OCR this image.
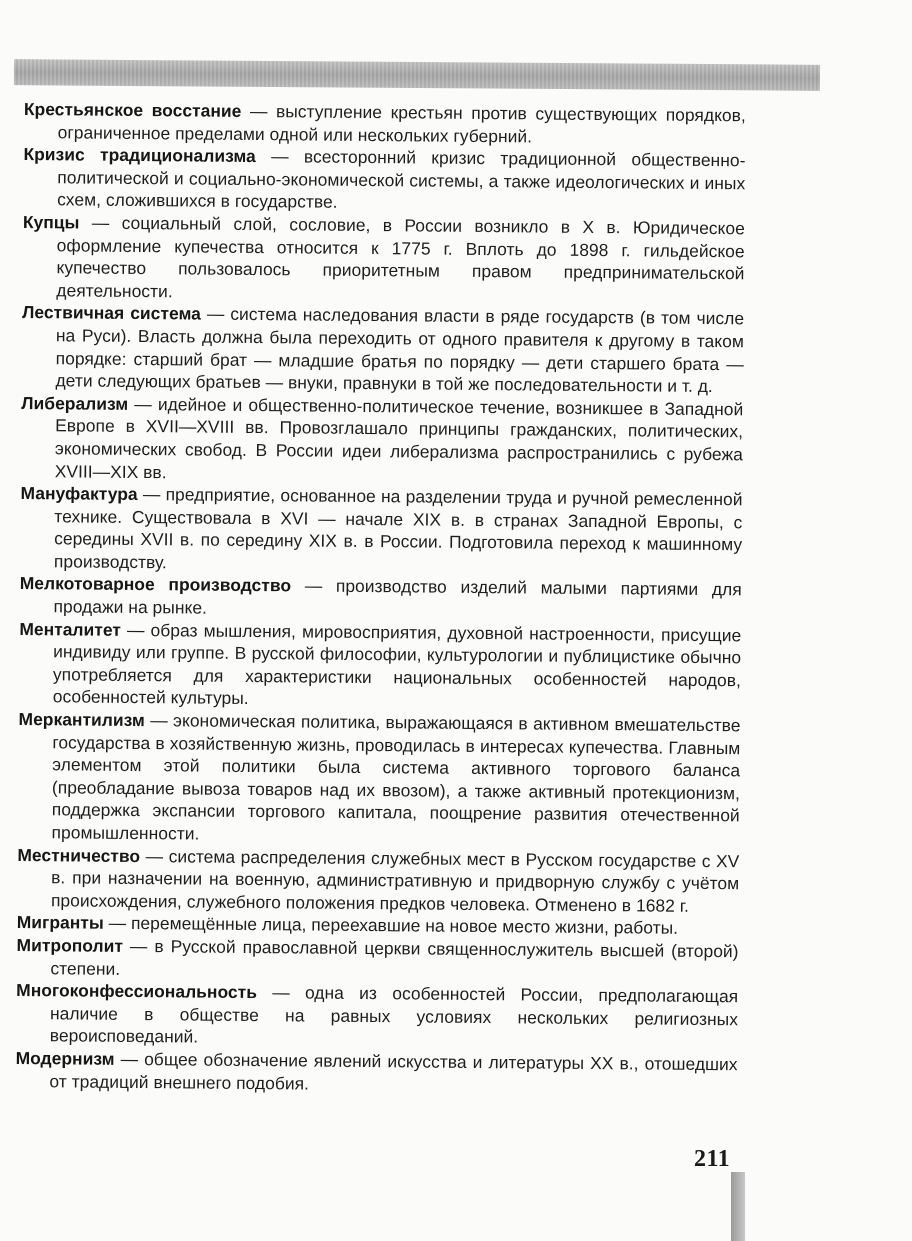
Крестьянское восстание — выступление крестьян против существующих порядков, ограниченное пределами одной или нескольких губерний.

Кризис традиционализма — всесторонний кризис традиционной общественно-политической и социально-экономической системы, а также идеологических и иных схем, сложившихся в государстве.

Купцы — социальный слой, сословие, в России возникло в X в. Юридическое оформление купечества относится к 1775 г. Вплоть до 1898 г. гильдейское купечество пользовалось приоритетным правом предпринимательской деятельности.

Лествичная система — система наследования власти в ряде государств (в том числе на Руси). Власть должна была переходить от одного правителя к другому в таком порядке: старший брат — младшие братья по порядку — дети старшего брата — дети следующих братьев — внуки, правнуки в той же последовательности и т. д.

Либерализм — идейное и общественно-политическое течение, возникшее в Западной Европе в XVII—XVIII вв. Провозглашало принципы гражданских, политических, экономических свобод. В России идеи либерализма распространились с рубежа XVIII—XIX вв.

Мануфактура — предприятие, основанное на разделении труда и ручной ремесленной технике. Существовала в XVI — начале XIX в. в странах Западной Европы, с середины XVII в. по середину XIX в. в России. Подготовила переход к машинному производству.

Мелкотоварное производство — производство изделий малыми партиями для продажи на рынке.

Менталитет — образ мышления, мировосприятия, духовной настроенности, присущие индивиду или группе. В русской философии, культурологии и публицистике обычно употребляется для характеристики национальных особенностей народов, особенностей культуры.

Меркантилизм — экономическая политика, выражающаяся в активном вмешательстве государства в хозяйственную жизнь, проводилась в интересах купечества. Главным элементом этой политики была система активного торгового баланса (преобладание вывоза товаров над их ввозом), а также активный протекционизм, поддержка экспансии торгового капитала, поощрение развития отечественной промышленности.

Местничество — система распределения служебных мест в Русском государстве с XV в. при назначении на военную, административную и придворную службу с учётом происхождения, служебного положения предков человека. Отменено в 1682 г.

Мигранты — перемещённые лица, переехавшие на новое место жизни, работы.

Митрополит — в Русской православной церкви священнослужитель высшей (второй) степени.

Многоконфессиональность — одна из особенностей России, предполагающая наличие в обществе на равных условиях нескольких религиозных вероисповеданий.

Модернизм — общее обозначение явлений искусства и литературы XX в., отошедших от традиций внешнего подобия.

211
